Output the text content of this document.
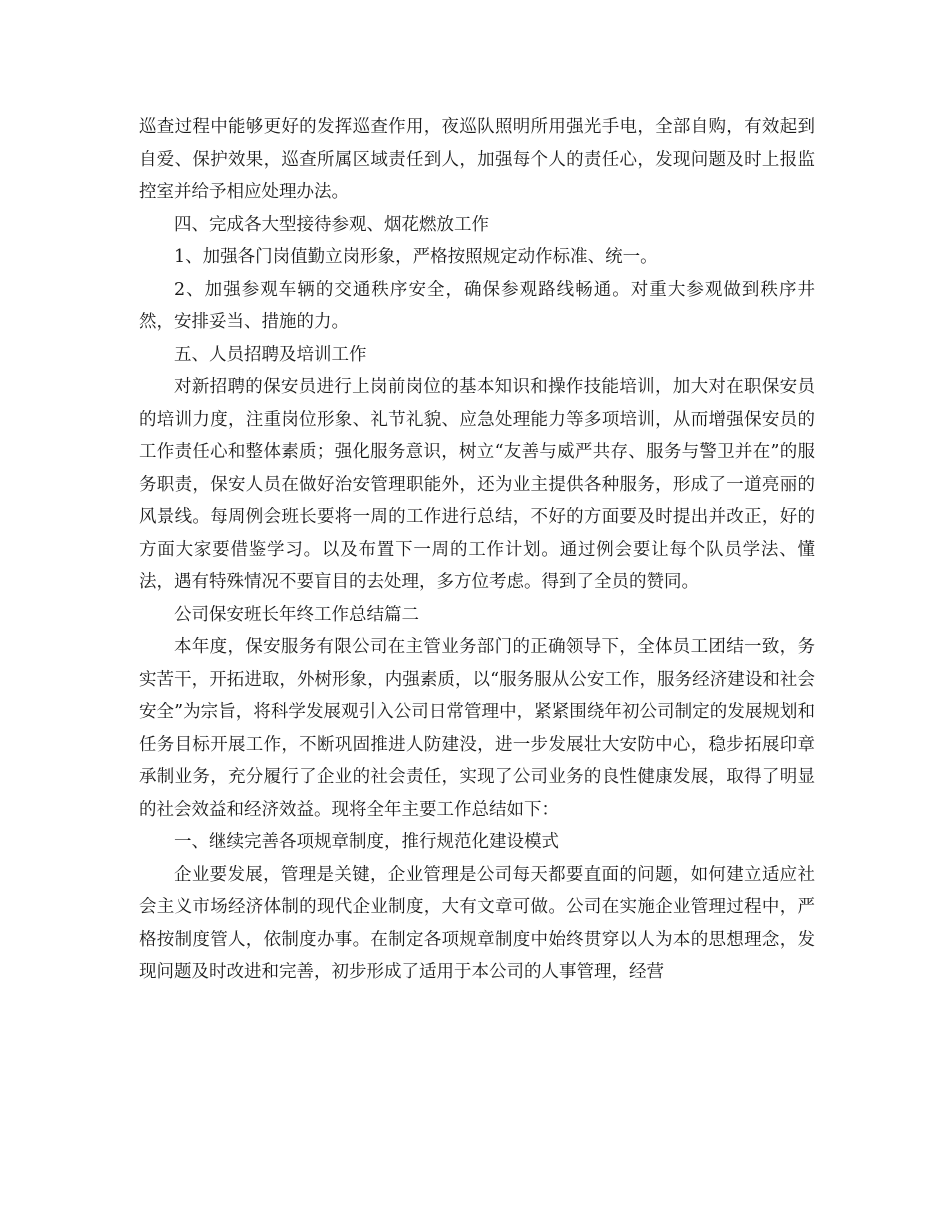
巡查过程中能够更好的发挥巡查作用，夜巡队照明所用强光手电，全部自购，有效起到自爱、保护效果，巡查所属区域责任到人，加强每个人的责任心，发现问题及时上报监控室并给予相应处理办法。

四、完成各大型接待参观、烟花燃放工作

1、加强各门岗值勤立岗形象，严格按照规定动作标准、统一。

2、加强参观车辆的交通秩序安全，确保参观路线畅通。对重大参观做到秩序井然，安排妥当、措施的力。

五、人员招聘及培训工作

对新招聘的保安员进行上岗前岗位的基本知识和操作技能培训，加大对在职保安员的培训力度，注重岗位形象、礼节礼貌、应急处理能力等多项培训，从而增强保安员的工作责任心和整体素质；强化服务意识，树立“友善与威严共存、服务与警卫并在”的服务职责，保安人员在做好治安管理职能外，还为业主提供各种服务，形成了一道亮丽的风景线。每周例会班长要将一周的工作进行总结，不好的方面要及时提出并改正，好的方面大家要借鉴学习。以及布置下一周的工作计划。通过例会要让每个队员学法、懂法，遇有特殊情况不要盲目的去处理，多方位考虑。得到了全员的赞同。

公司保安班长年终工作总结篇二

本年度，保安服务有限公司在主管业务部门的正确领导下，全体员工团结一致，务实苦干，开拓进取，外树形象，内强素质，以“服务服从公安工作，服务经济建设和社会安全”为宗旨，将科学发展观引入公司日常管理中，紧紧围绕年初公司制定的发展规划和任务目标开展工作，不断巩固推进人防建没，进一步发展壮大安防中心，稳步拓展印章承制业务，充分履行了企业的社会责任，实现了公司业务的良性健康发展，取得了明显的社会效益和经济效益。现将全年主要工作总结如下：

一、继续完善各项规章制度，推行规范化建设模式

企业要发展，管理是关键，企业管理是公司每天都要直面的问题，如何建立适应社会主义市场经济体制的现代企业制度，大有文章可做。公司在实施企业管理过程中，严格按制度管人，依制度办事。在制定各项规章制度中始终贯穿以人为本的思想理念，发现问题及时改进和完善，初步形成了适用于本公司的人事管理，经营
